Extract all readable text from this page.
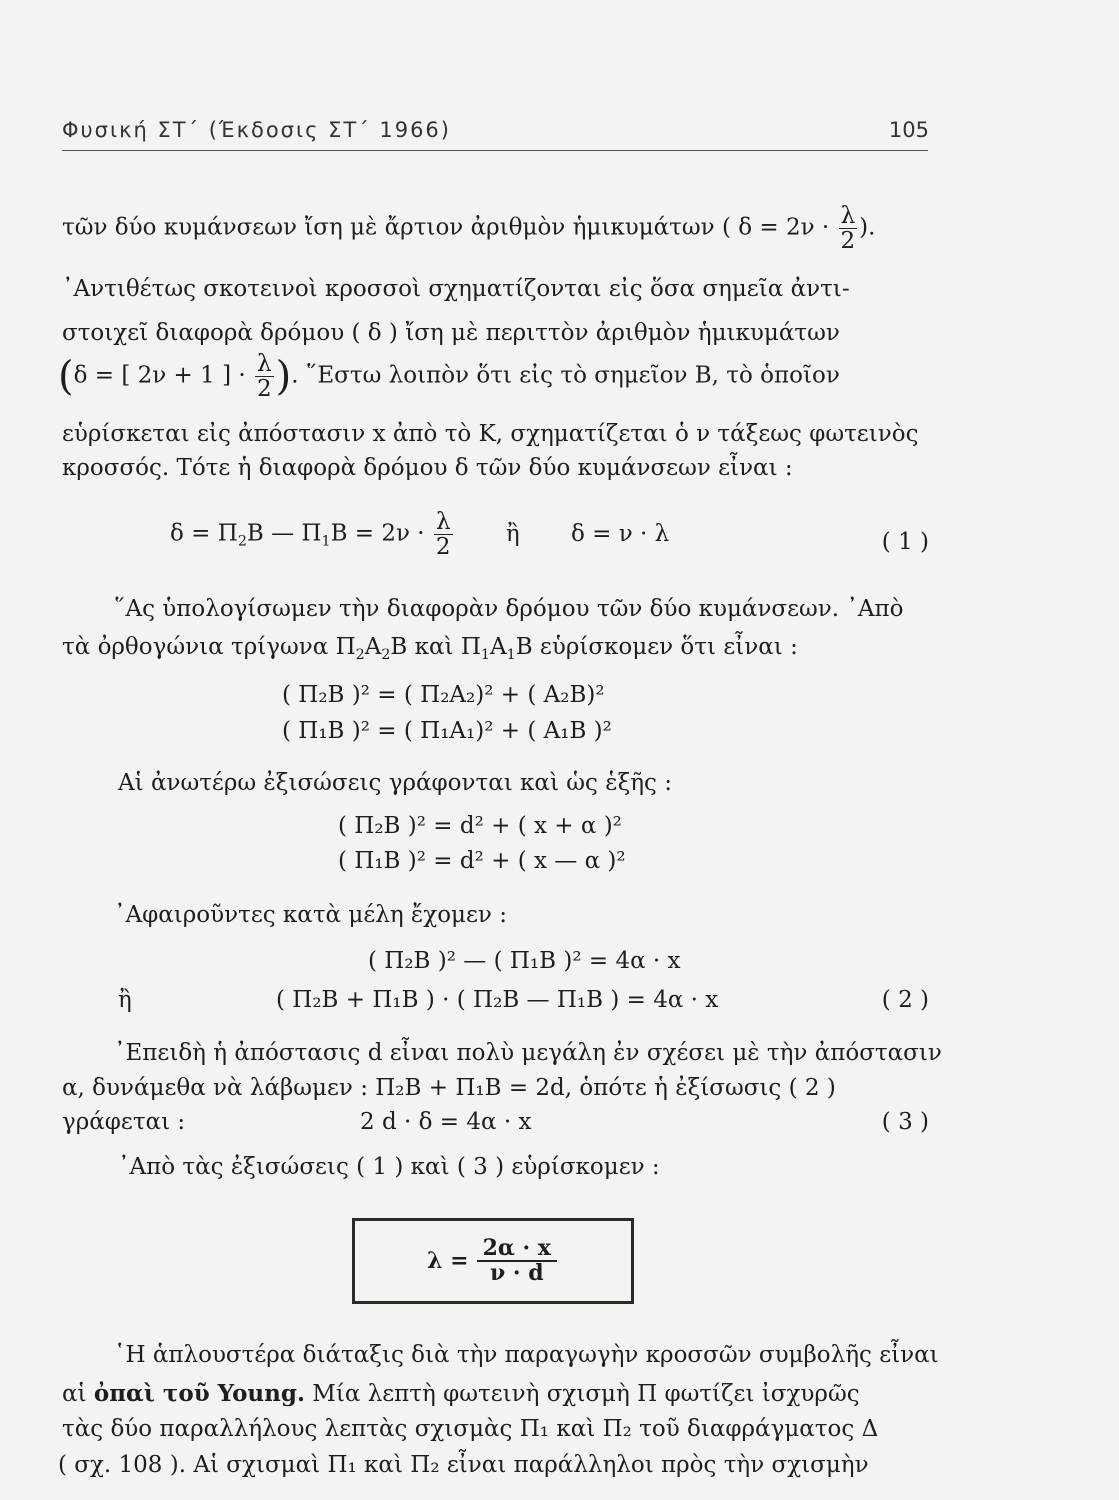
Φυσική ΣΤ΄ (Έκδοσις ΣΤ΄ 1966)	105
τῶν δύο κυμάνσεων ἴση μὲ ἄρτιον ἀριθμὸν ἡμικυμάτων ( $\delta = 2\nu \cdot \frac{\lambda}{2}$ ).
᾿Αντιθέτως σκοτεινοὶ κροσσοὶ σχηματίζονται εἰς ὅσα σημεῖα ἀντι-
στοιχεῖ διαφορὰ δρόμου ( δ ) ἴση μὲ περιττὸν ἀριθμὸν ἡμικυμάτων
(δ = [ 2ν + 1 ] · $\frac{\lambda}{2}$ ). ῞Εστω λοιπὸν ὅτι εἰς τὸ σημεῖον Β, τὸ ὁποῖον
εὑρίσκεται εἰς ἀπόστασιν x ἀπὸ τὸ Κ, σχηματίζεται ὁ ν τάξεως φωτεινὸς
κροσσός. Τότε ἡ διαφορὰ δρόμου δ τῶν δύο κυμάνσεων εἶναι :
$\delta = \Pi_2B$ — $\Pi_1B = 2\nu \cdot \frac{\lambda}{2}$ ἢ δ = ν · λ	( 1 )
῞Ας ὑπολογίσωμεν τὴν διαφορὰν δρόμου τῶν δύο κυμάνσεων. ᾿Απὸ
τὰ ὀρθογώνια τρίγωνα $\Pi_2A_2B$ καὶ $\Pi_1A_1B$ εὑρίσκομεν ὅτι εἶναι :
( Π₂Β )² = ( Π₂Α₂)² + ( Α₂Β)²
( Π₁Β )² = ( Π₁Α₁)² + ( Α₁Β )²
Αἱ ἀνωτέρω ἐξισώσεις γράφονται καὶ ὡς ἑξῆς :
( Π₂Β )² = d² + ( x + α )²
( Π₁Β )² = d² + ( x — α )²
᾿Αφαιροῦντες κατὰ μέλη ἔχομεν :
( Π₂Β )² — ( Π₁Β )² = 4α · x
ἢ	( Π₂Β + Π₁Β ) · ( Π₂Β — Π₁Β ) = 4α · x	( 2 )
᾿Επειδὴ ἡ ἀπόστασις d εἶναι πολὺ μεγάλη ἐν σχέσει μὲ τὴν ἀπόστασιν
α, δυνάμεθα νὰ λάβωμεν : Π₂Β + Π₁Β = 2d, ὁπότε ἡ ἐξίσωσις ( 2 )
γράφεται :	2 d · δ = 4α · x	( 3 )
᾿Απὸ τὰς ἐξισώσεις ( 1 ) καὶ ( 3 ) εὑρίσκομεν :
$\lambda = \frac{2\alpha \cdot x}{\nu \cdot d}$
῾Η ἁπλουστέρα διάταξις διὰ τὴν παραγωγὴν κροσσῶν συμβολῆς εἶναι
αἱ ὀπαὶ τοῦ Young. Μία λεπτὴ φωτεινὴ σχισμὴ Π φωτίζει ἰσχυρῶς
τὰς δύο παραλλήλους λεπτὰς σχισμὰς Π₁ καὶ Π₂ τοῦ διαφράγματος Δ
( σχ. 108 ). Αἱ σχισμαὶ Π₁ καὶ Π₂ εἶναι παράλληλοι πρὸς τὴν σχισμὴν
